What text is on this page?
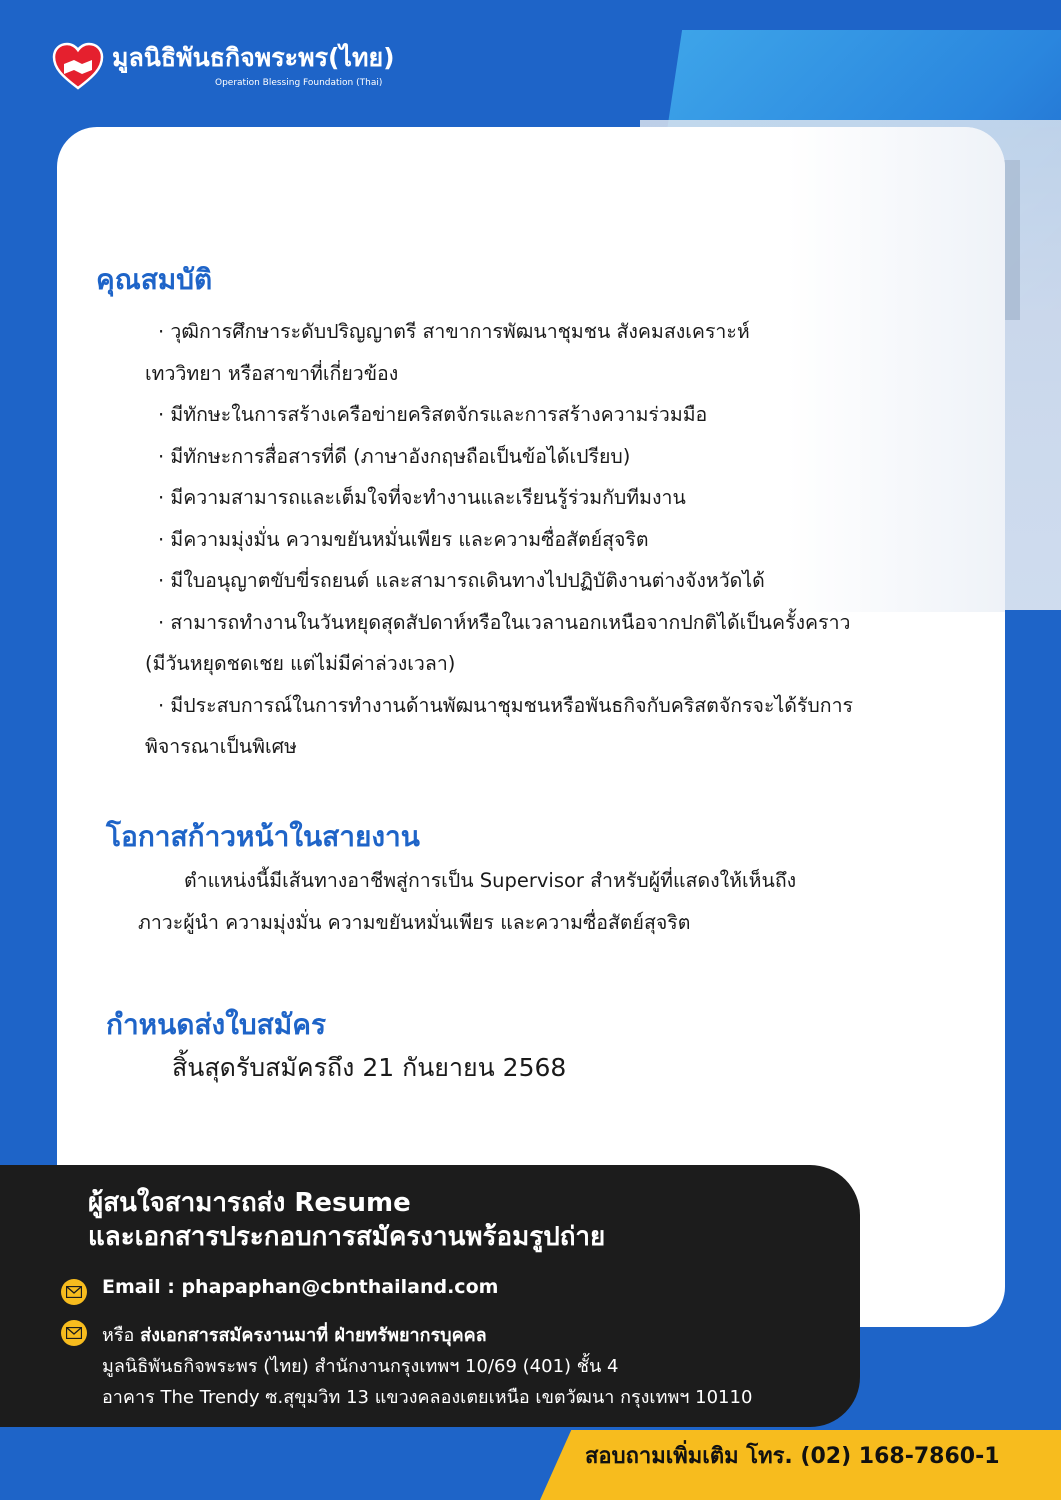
มูลนิธิพันธกิจพระพร(ไทย)
Operation Blessing Foundation (Thai)
คุณสมบัติ
· วุฒิการศึกษาระดับปริญญาตรี สาขาการพัฒนาชุมชน สังคมสงเคราะห์
เทววิทยา หรือสาขาที่เกี่ยวข้อง
· มีทักษะในการสร้างเครือข่ายคริสตจักรและการสร้างความร่วมมือ
· มีทักษะการสื่อสารที่ดี (ภาษาอังกฤษถือเป็นข้อได้เปรียบ)
· มีความสามารถและเต็มใจที่จะทำงานและเรียนรู้ร่วมกับทีมงาน
· มีความมุ่งมั่น ความขยันหมั่นเพียร และความซื่อสัตย์สุจริต
· มีใบอนุญาตขับขี่รถยนต์ และสามารถเดินทางไปปฏิบัติงานต่างจังหวัดได้
· สามารถทำงานในวันหยุดสุดสัปดาห์หรือในเวลานอกเหนือจากปกติได้เป็นครั้งคราว
(มีวันหยุดชดเชย แต่ไม่มีค่าล่วงเวลา)
· มีประสบการณ์ในการทำงานด้านพัฒนาชุมชนหรือพันธกิจกับคริสตจักรจะได้รับการ
พิจารณาเป็นพิเศษ
โอกาสก้าวหน้าในสายงาน
ตำแหน่งนี้มีเส้นทางอาชีพสู่การเป็น Supervisor สำหรับผู้ที่แสดงให้เห็นถึง
ภาวะผู้นำ ความมุ่งมั่น ความขยันหมั่นเพียร และความซื่อสัตย์สุจริต
กำหนดส่งใบสมัคร
สิ้นสุดรับสมัครถึง 21 กันยายน 2568
สอบถามเพิ่มเติม โทร. (02) 168-7860-1
ผู้สนใจสามารถส่ง Resume
และเอกสารประกอบการสมัครงานพร้อมรูปถ่าย
Email : phapaphan@cbnthailand.com
หรือ ส่งเอกสารสมัครงานมาที่ ฝ่ายทรัพยากรบุคคล
มูลนิธิพันธกิจพระพร (ไทย) สำนักงานกรุงเทพฯ 10/69 (401) ชั้น 4
อาคาร The Trendy ซ.สุขุมวิท 13 แขวงคลองเตยเหนือ เขตวัฒนา กรุงเทพฯ 10110
